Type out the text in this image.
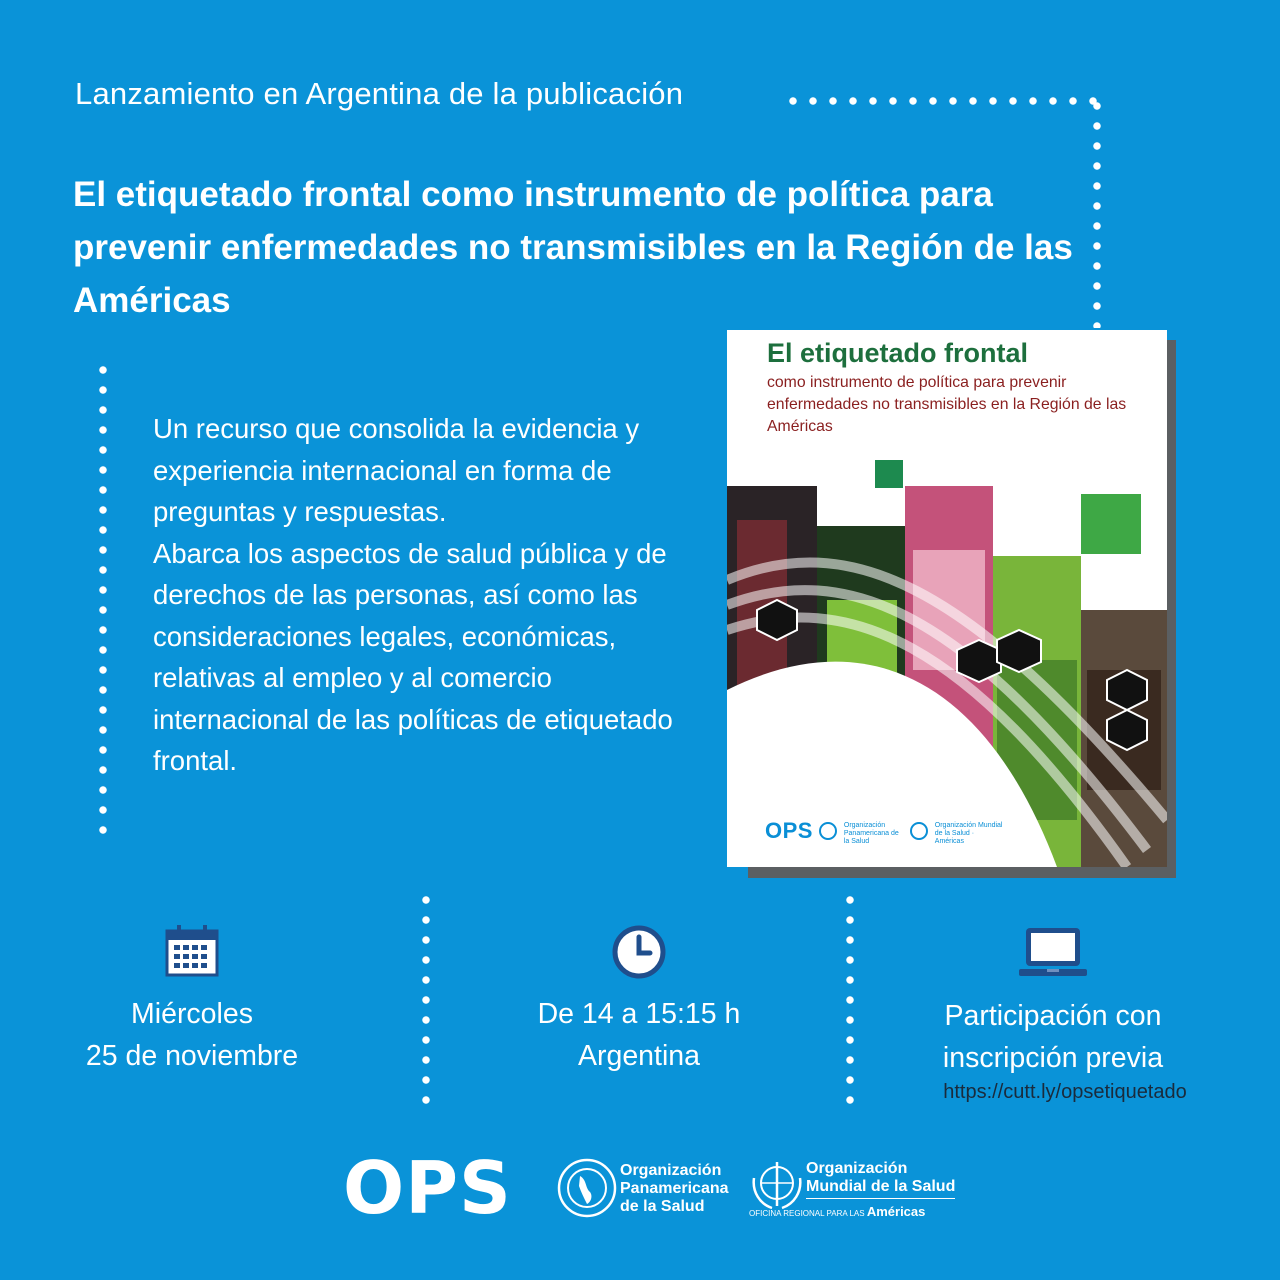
Lanzamiento en Argentina de la publicación
El etiquetado frontal como instrumento de política para prevenir enfermedades no transmisibles en la Región de las Américas
Un recurso que consolida la evidencia y experiencia internacional en forma de preguntas y respuestas.
Abarca los aspectos de salud pública y de derechos de las personas, así como las consideraciones legales, económicas, relativas al empleo y al comercio internacional de las políticas de etiquetado frontal.
El etiquetado frontal
como instrumento de política para prevenir enfermedades no transmisibles en la Región de las Américas
OPS	Organización Panamericana de la Salud  Organización Mundial de la Salud · Américas
Miércoles
25 de noviembre
De 14 a 15:15 h
Argentina
Participación con
inscripción previa
https://cutt.ly/opsetiquetado
OPS	Organización
Panamericana
de la Salud
Organización
Mundial de la Salud
OFICINA REGIONAL PARA LAS Américas
